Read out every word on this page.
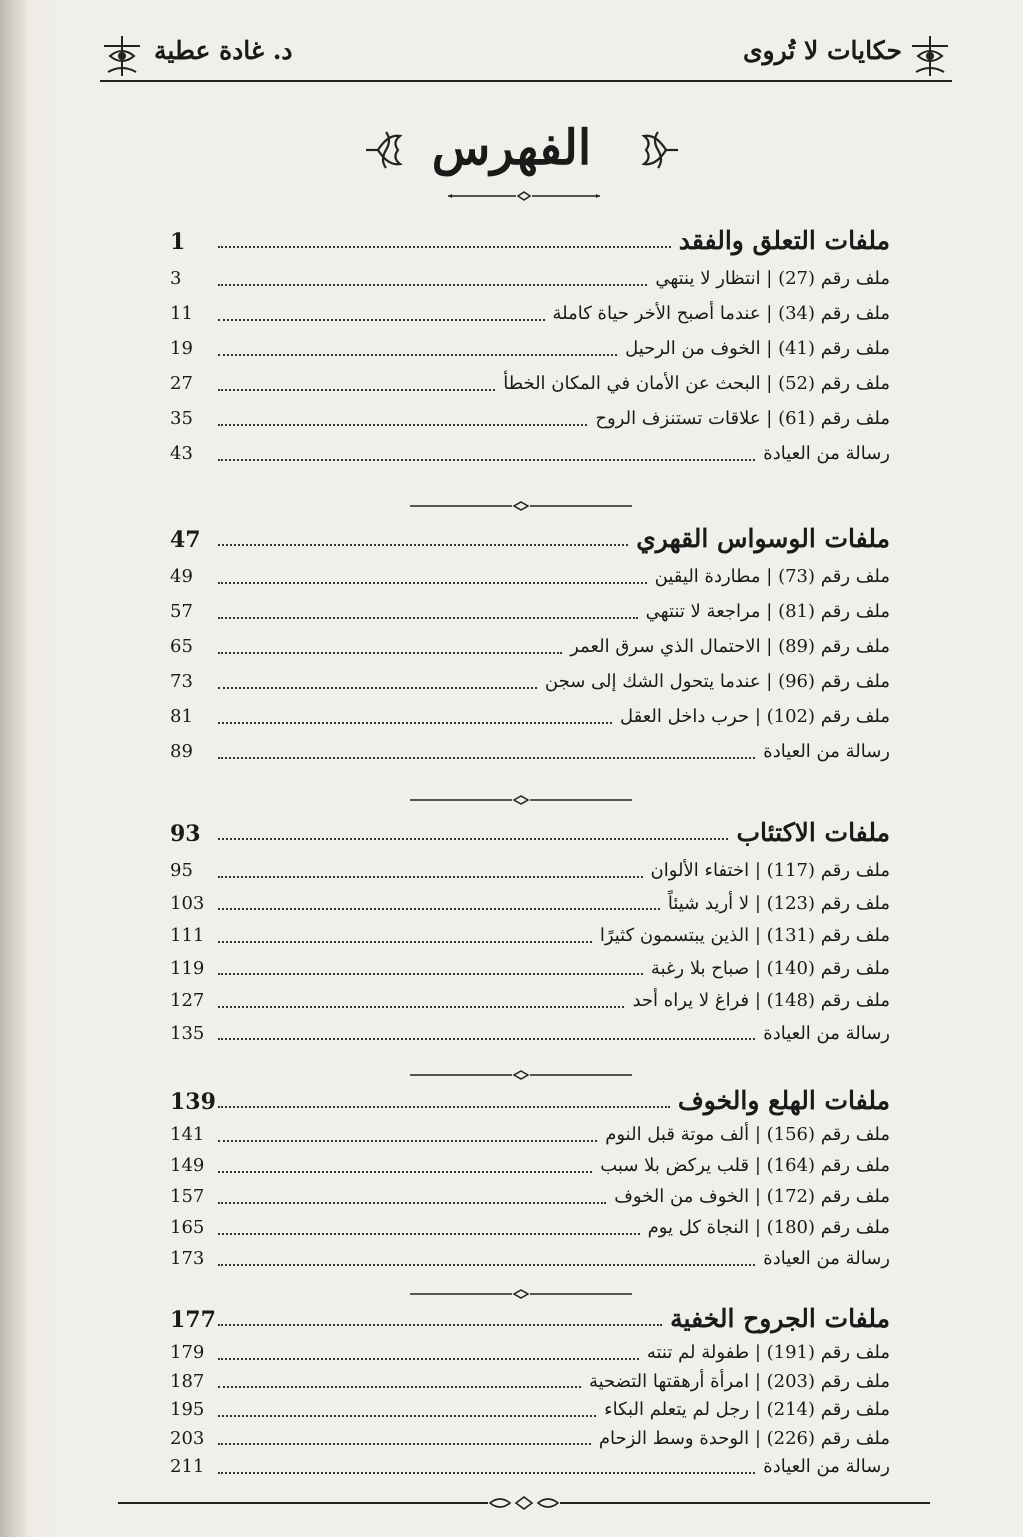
حكايات لا تُروى
د. غادة عطية
الفهرس
ملفات التعلق والفقد
1
ملف رقم (27) | انتظار لا ينتهي
3
ملف رقم (34) | عندما أصبح الأخر حياة كاملة
11
ملف رقم (41) | الخوف من الرحيل
19
ملف رقم (52) | البحث عن الأمان في المكان الخطأ
27
ملف رقم (61) | علاقات تستنزف الروح
35
رسالة من العيادة
43
ملفات الوسواس القهري
47
ملف رقم (73) | مطاردة اليقين
49
ملف رقم (81) | مراجعة لا تنتهي
57
ملف رقم (89) | الاحتمال الذي سرق العمر
65
ملف رقم (96) | عندما يتحول الشك إلى سجن
73
ملف رقم (102) | حرب داخل العقل
81
رسالة من العيادة
89
ملفات الاكتئاب
93
ملف رقم (117) | اختفاء الألوان
95
ملف رقم (123) | لا أريد شيئاً
103
ملف رقم (131) | الذين يبتسمون كثيرًا
111
ملف رقم (140) | صباح بلا رغبة
119
ملف رقم (148) | فراغ لا يراه أحد
127
رسالة من العيادة
135
ملفات الهلع والخوف
139
ملف رقم (156) | ألف موتة قبل النوم
141
ملف رقم (164) | قلب يركض بلا سبب
149
ملف رقم (172) | الخوف من الخوف
157
ملف رقم (180) | النجاة كل يوم
165
رسالة من العيادة
173
ملفات الجروح الخفية
177
ملف رقم (191) | طفولة لم تنته
179
ملف رقم (203) | امرأة أرهقتها التضحية
187
ملف رقم (214) | رجل لم يتعلم البكاء
195
ملف رقم (226) | الوحدة وسط الزحام
203
رسالة من العيادة
211
